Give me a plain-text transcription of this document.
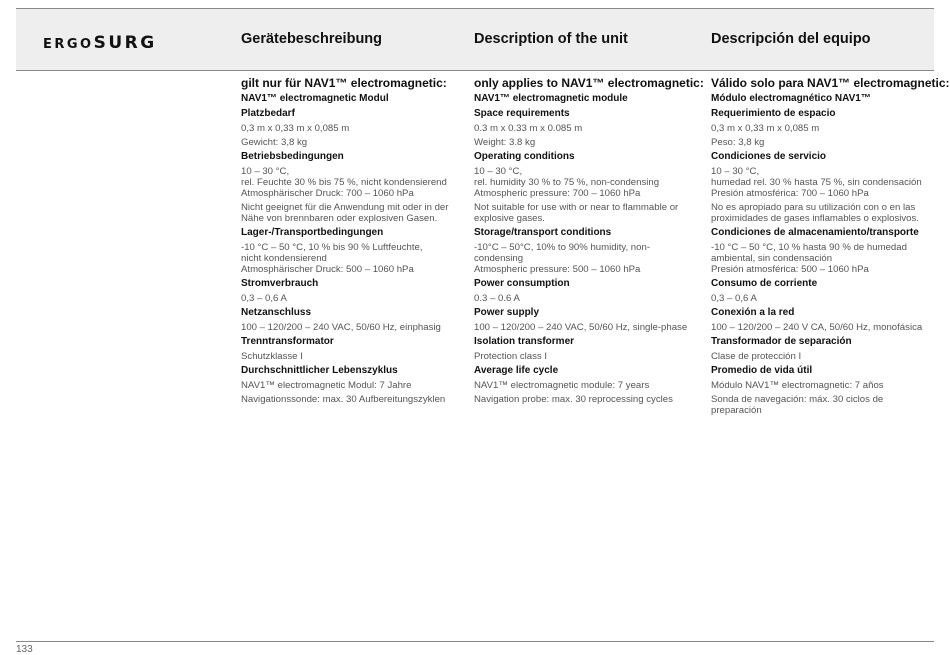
ERGOSURG	Gerätebeschreibung	Description of the unit	Descripción del equipo
gilt nur für NAV1™ electromagnetic:
NAV1™ electromagnetic Modul
Platzbedarf
0,3 m x 0,33 m x 0,085 m
Gewicht: 3,8 kg
Betriebsbedingungen
10 – 30 °C,
rel. Feuchte 30 % bis 75 %, nicht kondensierend
Atmosphärischer Druck: 700 – 1060 hPa
Nicht geeignet für die Anwendung mit oder in der
Nähe von brennbaren oder explosiven Gasen.
Lager-/Transportbedingungen
-10 °C – 50 °C, 10 % bis 90 % Luftfeuchte,
nicht kondensierend
Atmosphärischer Druck: 500 – 1060 hPa
Stromverbrauch
0,3 – 0,6 A
Netzanschluss
100 – 120/200 – 240 VAC, 50/60 Hz, einphasig
Trenntransformator
Schutzklasse I
Durchschnittlicher Lebenszyklus
NAV1™ electromagnetic Modul: 7 Jahre
Navigationssonde: max. 30 Aufbereitungszyklen
only applies to NAV1™ electromagnetic:
NAV1™ electromagnetic module
Space requirements
0.3 m x 0.33 m x 0.085 m
Weight: 3.8 kg
Operating conditions
10 – 30 °C,
rel. humidity 30 % to 75 %, non-condensing
Atmospheric pressure: 700 – 1060 hPa
Not suitable for use with or near to flammable or
explosive gases.
Storage/transport conditions
-10°C – 50°C, 10% to 90% humidity, non-
condensing
Atmospheric pressure: 500 – 1060 hPa
Power consumption
0.3 – 0.6 A
Power supply
100 – 120/200 – 240 VAC, 50/60 Hz, single-phase
Isolation transformer
Protection class I
Average life cycle
NAV1™ electromagnetic module: 7 years
Navigation probe: max. 30 reprocessing cycles
Válido solo para NAV1™ electromagnetic:
Módulo electromagnético NAV1™
Requerimiento de espacio
0,3 m x 0,33 m x 0,085 m
Peso: 3,8 kg
Condiciones de servicio
10 – 30 °C,
humedad rel. 30 % hasta 75 %, sin condensación
Presión atmosférica: 700 – 1060 hPa
No es apropiado para su utilización con o en las
proximidades de gases inflamables o explosivos.
Condiciones de almacenamiento/transporte
-10 °C – 50 °C, 10 % hasta 90 % de humedad
ambiental, sin condensación
Presión atmosférica: 500 – 1060 hPa
Consumo de corriente
0,3 – 0,6 A
Conexión a la red
100 – 120/200 – 240 V CA, 50/60 Hz, monofásica
Transformador de separación
Clase de protección I
Promedio de vida útil
Módulo NAV1™ electromagnetic: 7 años
Sonda de navegación: máx. 30 ciclos de
preparación
133
